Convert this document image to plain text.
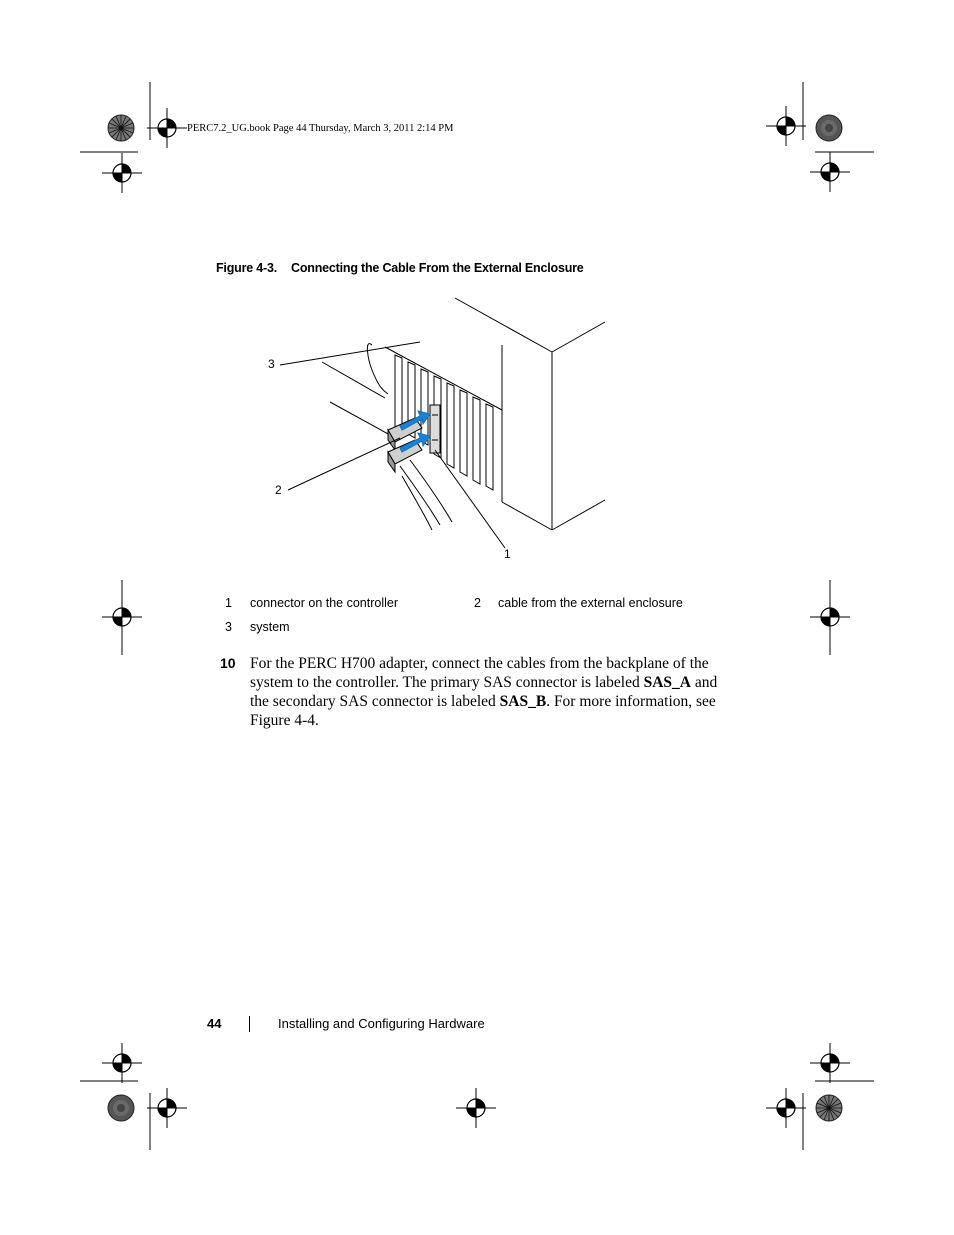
PERC7.2_UG.book Page 44 Thursday, March 3, 2011 2:14 PM
Figure 4-3. Connecting the Cable From the External Enclosure
3
2
1
1 connector on the controller	2 cable from the external enclosure
3 system
10 For the PERC H700 adapter, connect the cables from the backplane of the system to the controller. The primary SAS connector is labeled SAS_A and the secondary SAS connector is labeled SAS_B. For more information, see Figure 4-4.
44	Installing and Configuring Hardware
